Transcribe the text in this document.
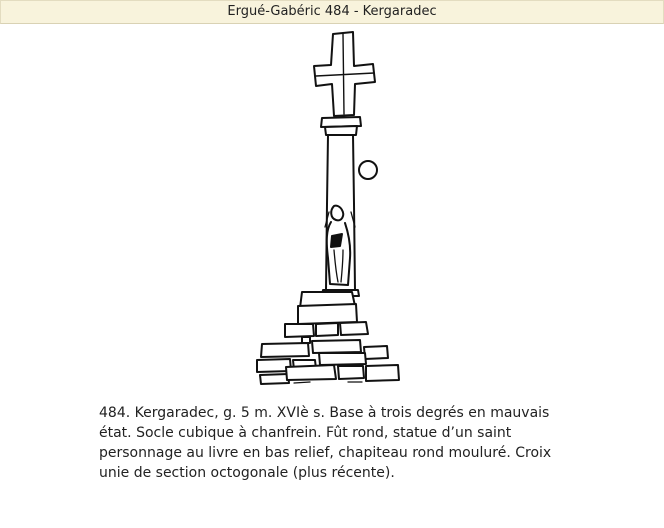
Ergué-Gabéric 484 - Kergaradec
484. Kergaradec, g. 5 m. XVIè s. Base à trois degrés en mauvais
état. Socle cubique à chanfrein. Fût rond, statue d’un saint
personnage au livre en bas relief, chapiteau rond mouluré. Croix
unie de section octogonale (plus récente).
